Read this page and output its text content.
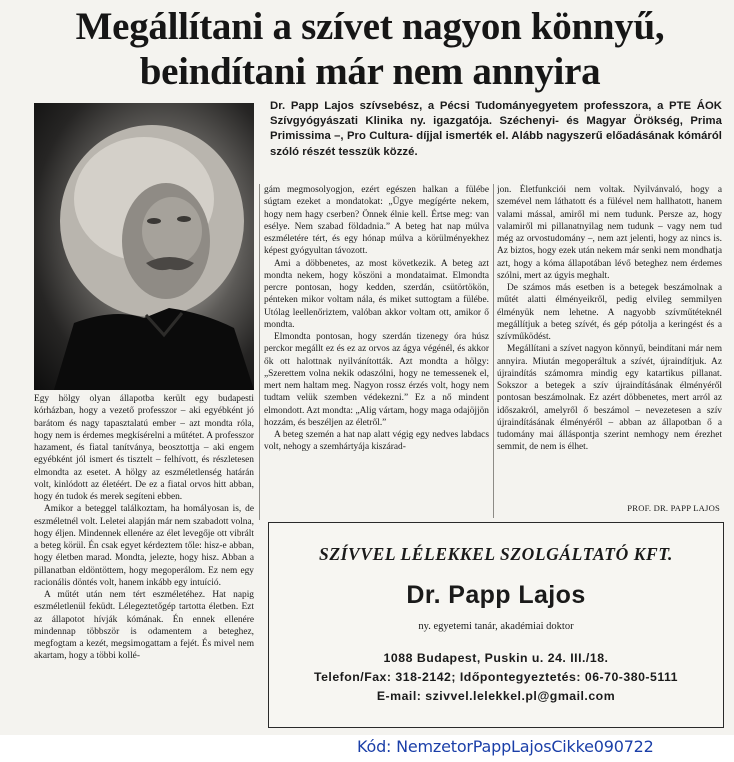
Megállítani a szívet nagyon könnyű,
beindítani már nem annyira
Dr. Papp Lajos szívsebész, a Pécsi Tudományegyetem professzora, a PTE ÁOK Szívgyógyászati Klinika ny. igazgatója. Széchenyi- és Magyar Örökség, Prima Primissima –, Pro Cultura- díjjal ismerték el. Alább nagyszerű előadásának kómáról szóló részét tesszük közzé.

Egy hölgy olyan állapotba került egy budapesti kórházban, hogy a vezető professzor – aki egyébként jó barátom és nagy tapasztalatú ember – azt mondta róla, hogy nem is érdemes megkísérelni a műtétet. A professzor hazament, és fiatal tanítványa, beosztottja – aki engem egyébként jól ismert és tisztelt – felhívott, és részletesen elmondta az esetet. A hölgy az eszméletlenség határán volt, kinlódott az életéért. De ez a fiatal orvos hitt abban, hogy én tudok és merek segíteni ebben.

Amikor a beteggel találkoztam, ha homályosan is, de eszméletnél volt. Leletei alapján már nem szabadott volna, hogy éljen. Mindennek ellenére az élet levegője ott vibrált a beteg körül. Én csak egyet kérdeztem tőle: hisz-e abban, hogy életben marad. Mondta, jelezte, hogy hisz. Abban a pillanatban eldöntöttem, hogy megoperálom. Ez nem egy racionális döntés volt, hanem inkább egy intuíció.

A műtét után nem tért eszméletéhez. Hat napig eszméletlenül feküdt. Lélegeztetőgép tartotta életben. Ezt az állapotot hívják kómának. Én ennek ellenére mindennap többször is odamentem a beteghez, megfogtam a kezét, megsimogattam a fejét. És mivel nem akartam, hogy a többi kollé-

gám megmosolyogjon, ezért egészen halkan a fülébe súgtam ezeket a mondatokat: „Ügye megígérte nekem, hogy nem hagy cserben? Önnek élnie kell. Értse meg: van esélye. Nem szabad földadnia.” A beteg hat nap múlva eszméletére tért, és egy hónap múlva a körülményekhez képest gyógyultan távozott.

Ami a döbbenetes, az most következik. A beteg azt mondta nekem, hogy köszöni a mondataimat. Elmondta percre pontosan, hogy kedden, szerdán, csütörtökön, pénteken mikor voltam nála, és miket suttogtam a fülébe. Utólag leellenőriztem, valóban akkor voltam ott, amikor ő mondta.

Elmondta pontosan, hogy szerdán tizenegy óra húsz perckor megállt ez és ez az orvos az ágya végénél, és akkor ők ott halottnak nyilvánították. Azt mondta a hölgy: „Szerettem volna nekik odaszólni, hogy ne temessenek el, mert nem haltam meg. Nagyon rossz érzés volt, hogy nem tudtam velük szemben védekezni.” Ez a nő mindent elmondott. Azt mondta: „Alig vártam, hogy maga odajöjjön hozzám, és beszéljen az életről.”

A beteg szemén a hat nap alatt végig egy nedves labdacs volt, nehogy a szemhártyája kiszárad-

jon. Életfunkciói nem voltak. Nyilvánvaló, hogy a szemével nem láthatott és a fülével nem hallhatott, hanem valami mással, amiről mi nem tudunk. Persze az, hogy valamiről mi pillanatnyilag nem tudunk – vagy nem tud még az orvostudomány –, nem azt jelenti, hogy az nincs is. Az biztos, hogy ezek után nekem már senki nem mondhatja azt, hogy a kóma állapotában lévő beteghez nem érdemes szólni, mert az úgyis meghalt.

De számos más esetben is a betegek beszámolnak a műtét alatti élményeikről, pedig elvileg semmilyen élményük nem lehetne. A nagyobb szívműtéteknél megállítjuk a beteg szívét, és gép pótolja a keringést és a szívműködést.

Megállítani a szívet nagyon könnyű, beindítani már nem annyira. Miután megoperáltuk a szívét, újraindítjuk. Az újraindítás számomra mindig egy katartikus pillanat. Sokszor a betegek a szív újraindításának élményéről pontosan beszámolnak. Ez azért döbbenetes, mert arról az időszakról, amelyről ő beszámol – nevezetesen a szív újraindításának élményéről – abban az állapotban ő a tudomány mai álláspontja szerint nemhogy nem érezhet semmit, de nem is élhet.

PROF. DR. PAPP LAJOS
SZÍVVEL LÉLEKKEL SZOLGÁLTATÓ KFT.
Dr. Papp Lajos
ny. egyetemi tanár, akadémiai doktor
1088 Budapest, Puskin u. 24. III./18.
Telefon/Fax: 318-2142; Időpontegyeztetés: 06-70-380-5111
E-mail: szivvel.lelekkel.pl@gmail.com
Kód: NemzetorPappLajosCikke090722
